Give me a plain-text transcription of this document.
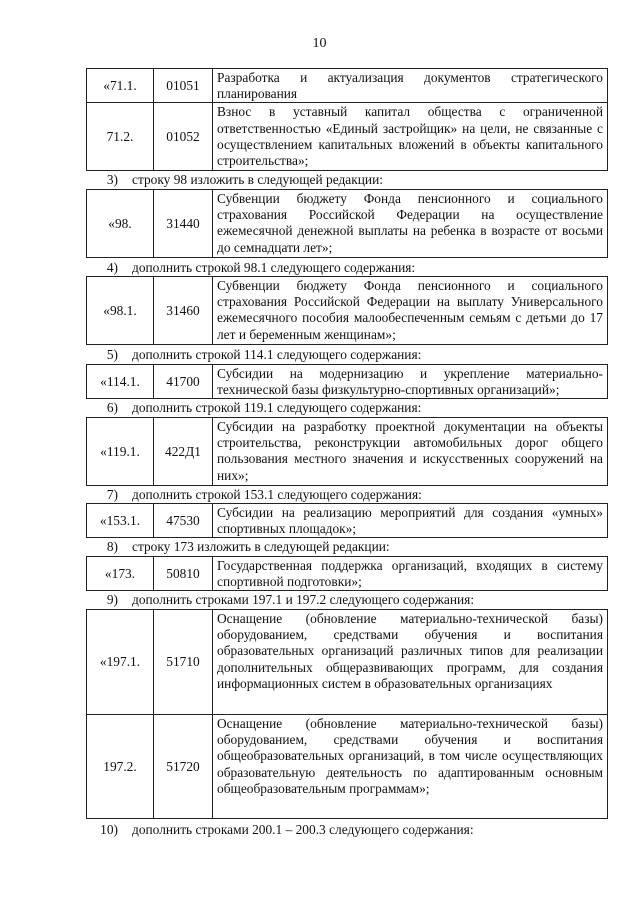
10
«71.1.	01051	Разработка и актуализация документов стратегического планирования
71.2.	01052	Взнос в уставный капитал общества с ограниченной ответственностью «Единый застройщик» на цели, не связанные с осуществлением капитальных вложений в объекты капитального строительства»;
3) строку 98 изложить в следующей редакции:
«98.	31440	Субвенции бюджету Фонда пенсионного и социального страхования Российской Федерации на осуществление ежемесячной денежной выплаты на ребенка в возрасте от восьми до семнадцати лет»;
4) дополнить строкой 98.1 следующего содержания:
«98.1.	31460	Субвенции бюджету Фонда пенсионного и социального страхования Российской Федерации на выплату Универсального ежемесячного пособия малообеспеченным семьям с детьми до 17 лет и беременным женщинам»;
5) дополнить строкой 114.1 следующего содержания:
«114.1.	41700	Субсидии на модернизацию и укрепление материально-технической базы физкультурно-спортивных организаций»;
6) дополнить строкой 119.1 следующего содержания:
«119.1.	422Д1	Субсидии на разработку проектной документации на объекты строительства, реконструкции автомобильных дорог общего пользования местного значения и искусственных сооружений на них»;
7) дополнить строкой 153.1 следующего содержания:
«153.1.	47530	Субсидии на реализацию мероприятий для создания «умных» спортивных площадок»;
8) строку 173 изложить в следующей редакции:
«173.	50810	Государственная поддержка организаций, входящих в систему спортивной подготовки»;
9) дополнить строками 197.1 и 197.2 следующего содержания:
«197.1.	51710	Оснащение (обновление материально-технической базы) оборудованием, средствами обучения и воспитания образовательных организаций различных типов для реализации дополнительных общеразвивающих программ, для создания информационных систем в образовательных организациях
197.2.	51720	Оснащение (обновление материально-технической базы) оборудованием, средствами обучения и воспитания общеобразовательных организаций, в том числе осуществляющих образовательную деятельность по адаптированным основным общеобразовательным программам»;
10) дополнить строками 200.1 – 200.3 следующего содержания:
